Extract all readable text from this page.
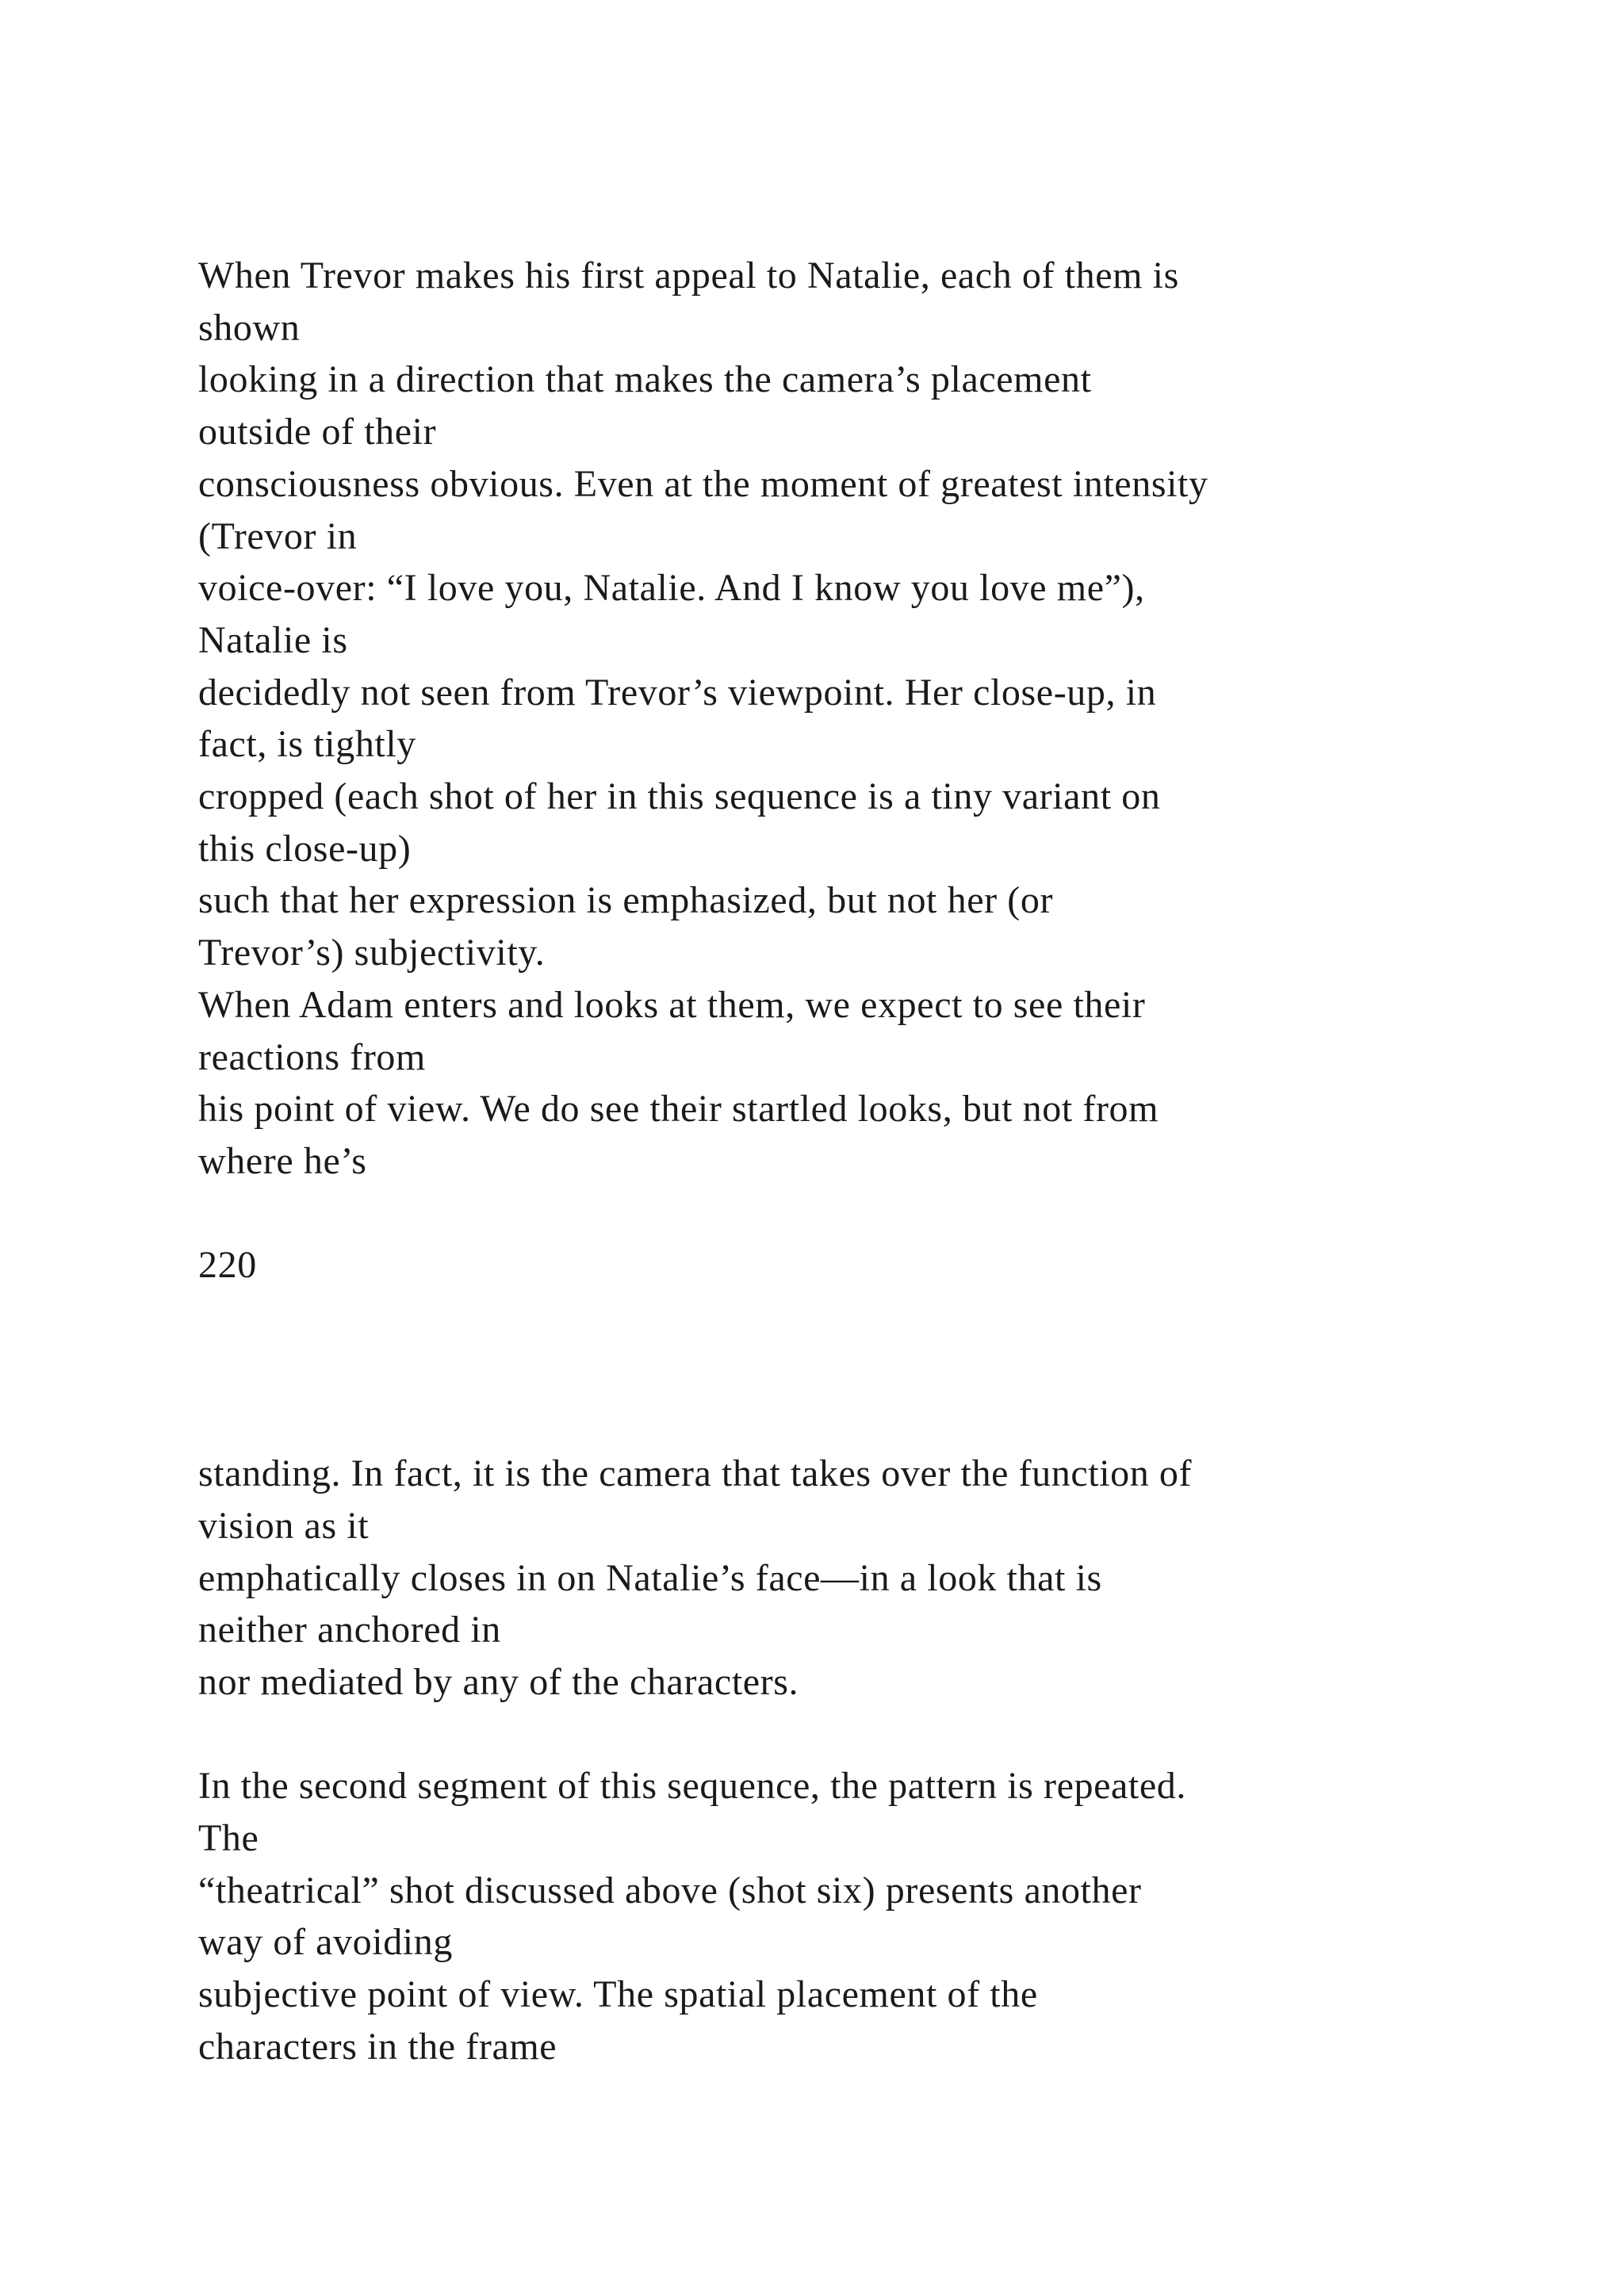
When Trevor makes his first appeal to Natalie, each of them is
shown
looking in a direction that makes the camera’s placement
outside of their
consciousness obvious. Even at the moment of greatest intensity
(Trevor in
voice-over: “I love you, Natalie. And I know you love me”),
Natalie is
decidedly not seen from Trevor’s viewpoint. Her close-up, in
fact, is tightly
cropped (each shot of her in this sequence is a tiny variant on
this close-up)
such that her expression is emphasized, but not her (or
Trevor’s) subjectivity.
When Adam enters and looks at them, we expect to see their
reactions from
his point of view. We do see their startled looks, but not from
where he’s
220
standing. In fact, it is the camera that takes over the function of
vision as it
emphatically closes in on Natalie’s face—in a look that is
neither anchored in
nor mediated by any of the characters.
In the second segment of this sequence, the pattern is repeated.
The
“theatrical” shot discussed above (shot six) presents another
way of avoiding
subjective point of view. The spatial placement of the
characters in the frame
